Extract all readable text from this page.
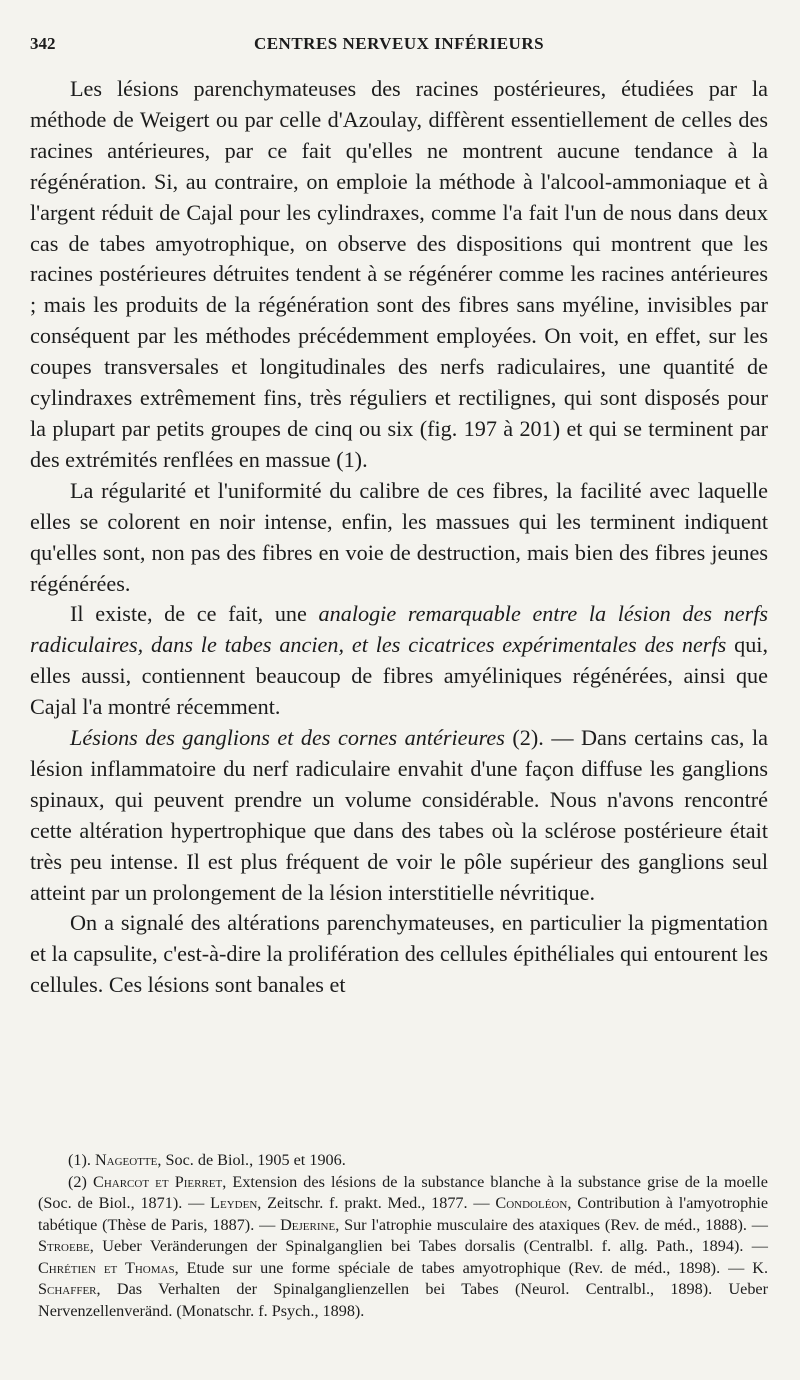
342	CENTRES NERVEUX INFÉRIEURS

Les lésions parenchymateuses des racines postérieures, étudiées par la méthode de Weigert ou par celle d'Azoulay, diffèrent essentiellement de celles des racines antérieures, par ce fait qu'elles ne montrent aucune tendance à la régénération. Si, au contraire, on emploie la méthode à l'alcool-ammoniaque et à l'argent réduit de Cajal pour les cylindraxes, comme l'a fait l'un de nous dans deux cas de tabes amyotrophique, on observe des dispositions qui montrent que les racines postérieures détruites tendent à se régénérer comme les racines antérieures ; mais les produits de la régénération sont des fibres sans myéline, invisibles par conséquent par les méthodes précédemment employées. On voit, en effet, sur les coupes transversales et longitudinales des nerfs radiculaires, une quantité de cylindraxes extrêmement fins, très réguliers et rectilignes, qui sont disposés pour la plupart par petits groupes de cinq ou six (fig. 197 à 201) et qui se terminent par des extrémités renflées en massue (1).

La régularité et l'uniformité du calibre de ces fibres, la facilité avec laquelle elles se colorent en noir intense, enfin, les massues qui les terminent indiquent qu'elles sont, non pas des fibres en voie de destruction, mais bien des fibres jeunes régénérées.

Il existe, de ce fait, une analogie remarquable entre la lésion des nerfs radiculaires, dans le tabes ancien, et les cicatrices expérimentales des nerfs qui, elles aussi, contiennent beaucoup de fibres amyéliniques régénérées, ainsi que Cajal l'a montré récemment.

Lésions des ganglions et des cornes antérieures (2). — Dans certains cas, la lésion inflammatoire du nerf radiculaire envahit d'une façon diffuse les ganglions spinaux, qui peuvent prendre un volume considérable. Nous n'avons rencontré cette altération hypertrophique que dans des tabes où la sclérose postérieure était très peu intense. Il est plus fréquent de voir le pôle supérieur des ganglions seul atteint par un prolongement de la lésion interstitielle névritique.

On a signalé des altérations parenchymateuses, en particulier la pigmentation et la capsulite, c'est-à-dire la prolifération des cellules épithéliales qui entourent les cellules. Ces lésions sont banales et

(1). Nageotte, Soc. de Biol., 1905 et 1906.

(2) Charcot et Pierret, Extension des lésions de la substance blanche à la substance grise de la moelle (Soc. de Biol., 1871). — Leyden, Zeitschr. f. prakt. Med., 1877. — Condoléon, Contribution à l'amyotrophie tabétique (Thèse de Paris, 1887). — Dejerine, Sur l'atrophie musculaire des ataxiques (Rev. de méd., 1888). — Stroebe, Ueber Veränderungen der Spinalganglien bei Tabes dorsalis (Centralbl. f. allg. Path., 1894). — Chrétien et Thomas, Etude sur une forme spéciale de tabes amyotrophique (Rev. de méd., 1898). — K. Schaffer, Das Verhalten der Spinalganglienzellen bei Tabes (Neurol. Centralbl., 1898). Ueber Nervenzellenveränd. (Monatschr. f. Psych., 1898).
